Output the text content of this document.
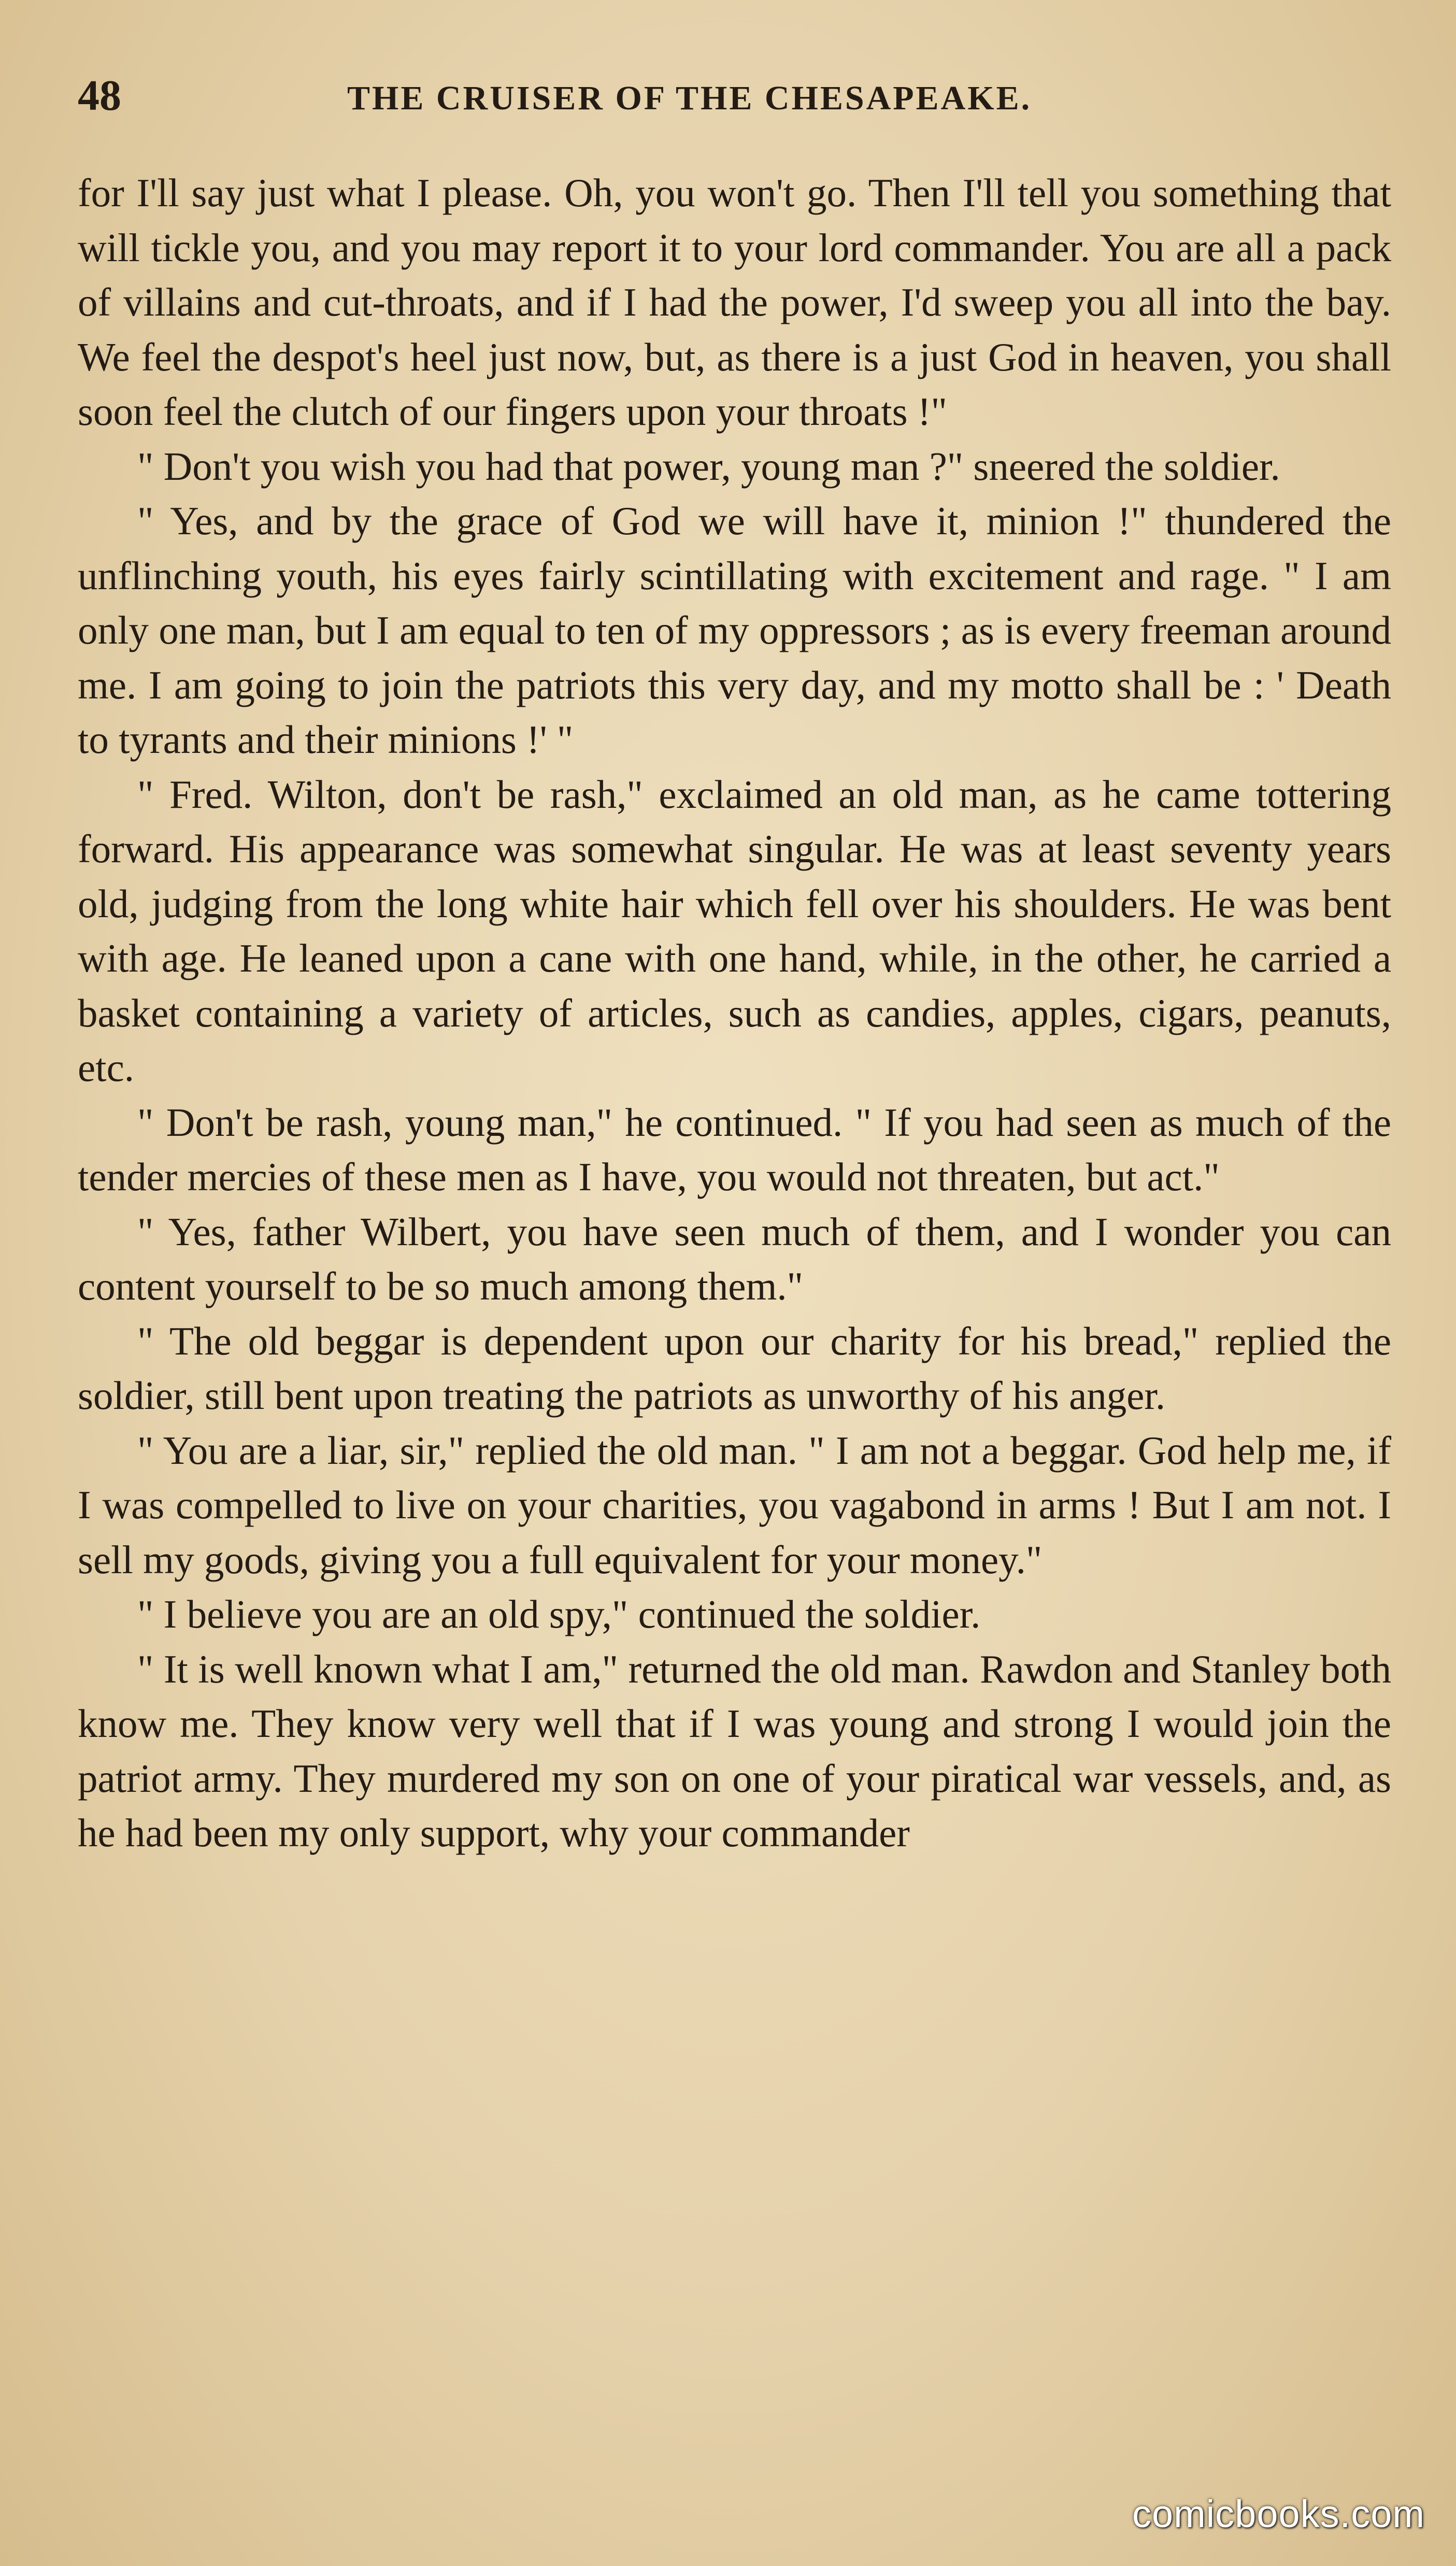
48	THE CRUISER OF THE CHESAPEAKE.

for I'll say just what I please. Oh, you won't go. Then I'll tell you something that will tickle you, and you may report it to your lord commander. You are all a pack of villains and cut-throats, and if I had the power, I'd sweep you all into the bay. We feel the despot's heel just now, but, as there is a just God in heaven, you shall soon feel the clutch of our fingers upon your throats !"

" Don't you wish you had that power, young man ?" sneered the soldier.

" Yes, and by the grace of God we will have it, minion !" thundered the unflinching youth, his eyes fairly scintillating with excitement and rage. " I am only one man, but I am equal to ten of my oppressors ; as is every freeman around me. I am going to join the patriots this very day, and my motto shall be : ' Death to tyrants and their minions !' "

" Fred. Wilton, don't be rash," exclaimed an old man, as he came tottering forward. His appearance was somewhat singular. He was at least seventy years old, judging from the long white hair which fell over his shoulders. He was bent with age. He leaned upon a cane with one hand, while, in the other, he carried a basket containing a variety of articles, such as candies, apples, cigars, peanuts, etc.

" Don't be rash, young man," he continued. " If you had seen as much of the tender mercies of these men as I have, you would not threaten, but act."

" Yes, father Wilbert, you have seen much of them, and I wonder you can content yourself to be so much among them."

" The old beggar is dependent upon our charity for his bread," replied the soldier, still bent upon treating the patriots as unworthy of his anger.

" You are a liar, sir," replied the old man. " I am not a beggar. God help me, if I was compelled to live on your charities, you vagabond in arms ! But I am not. I sell my goods, giving you a full equivalent for your money."

" I believe you are an old spy," continued the soldier.

" It is well known what I am," returned the old man. Rawdon and Stanley both know me. They know very well that if I was young and strong I would join the patriot army. They murdered my son on one of your piratical war vessels, and, as he had been my only support, why your commander

comicbooks.com
